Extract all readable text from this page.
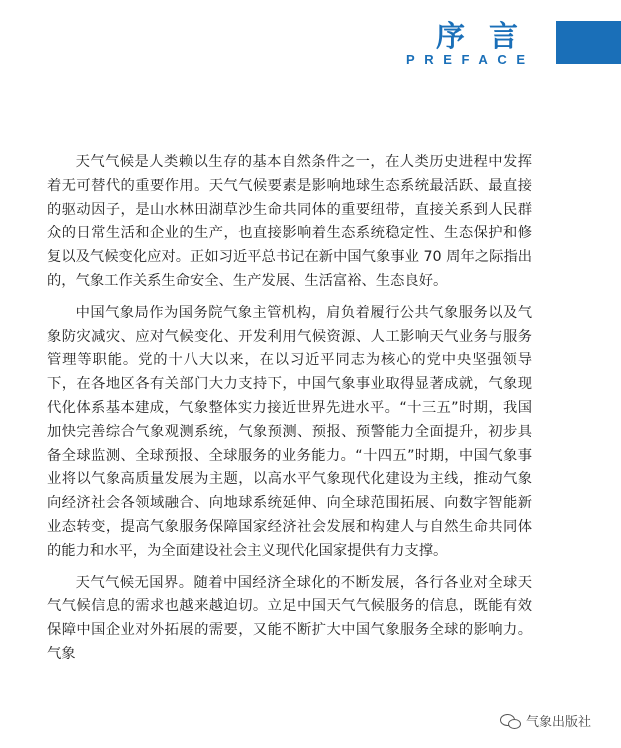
序言
PREFACE

天气气候是人类赖以生存的基本自然条件之一，在人类历史进程中发挥着无可替代的重要作用。天气气候要素是影响地球生态系统最活跃、最直接的驱动因子，是山水林田湖草沙生命共同体的重要纽带，直接关系到人民群众的日常生活和企业的生产，也直接影响着生态系统稳定性、生态保护和修复以及气候变化应对。正如习近平总书记在新中国气象事业 70 周年之际指出的，气象工作关系生命安全、生产发展、生活富裕、生态良好。

中国气象局作为国务院气象主管机构，肩负着履行公共气象服务以及气象防灾减灾、应对气候变化、开发利用气候资源、人工影响天气业务与服务管理等职能。党的十八大以来，在以习近平同志为核心的党中央坚强领导下，在各地区各有关部门大力支持下，中国气象事业取得显著成就，气象现代化体系基本建成，气象整体实力接近世界先进水平。“十三五”时期，我国加快完善综合气象观测系统，气象预测、预报、预警能力全面提升，初步具备全球监测、全球预报、全球服务的业务能力。“十四五”时期，中国气象事业将以气象高质量发展为主题，以高水平气象现代化建设为主线，推动气象向经济社会各领域融合、向地球系统延伸、向全球范围拓展、向数字智能新业态转变，提高气象服务保障国家经济社会发展和构建人与自然生命共同体的能力和水平，为全面建设社会主义现代化国家提供有力支撑。

天气气候无国界。随着中国经济全球化的不断发展，各行各业对全球天气气候信息的需求也越来越迫切。立足中国天气气候服务的信息，既能有效保障中国企业对外拓展的需要，又能不断扩大中国气象服务全球的影响力。气象

气象出版社
